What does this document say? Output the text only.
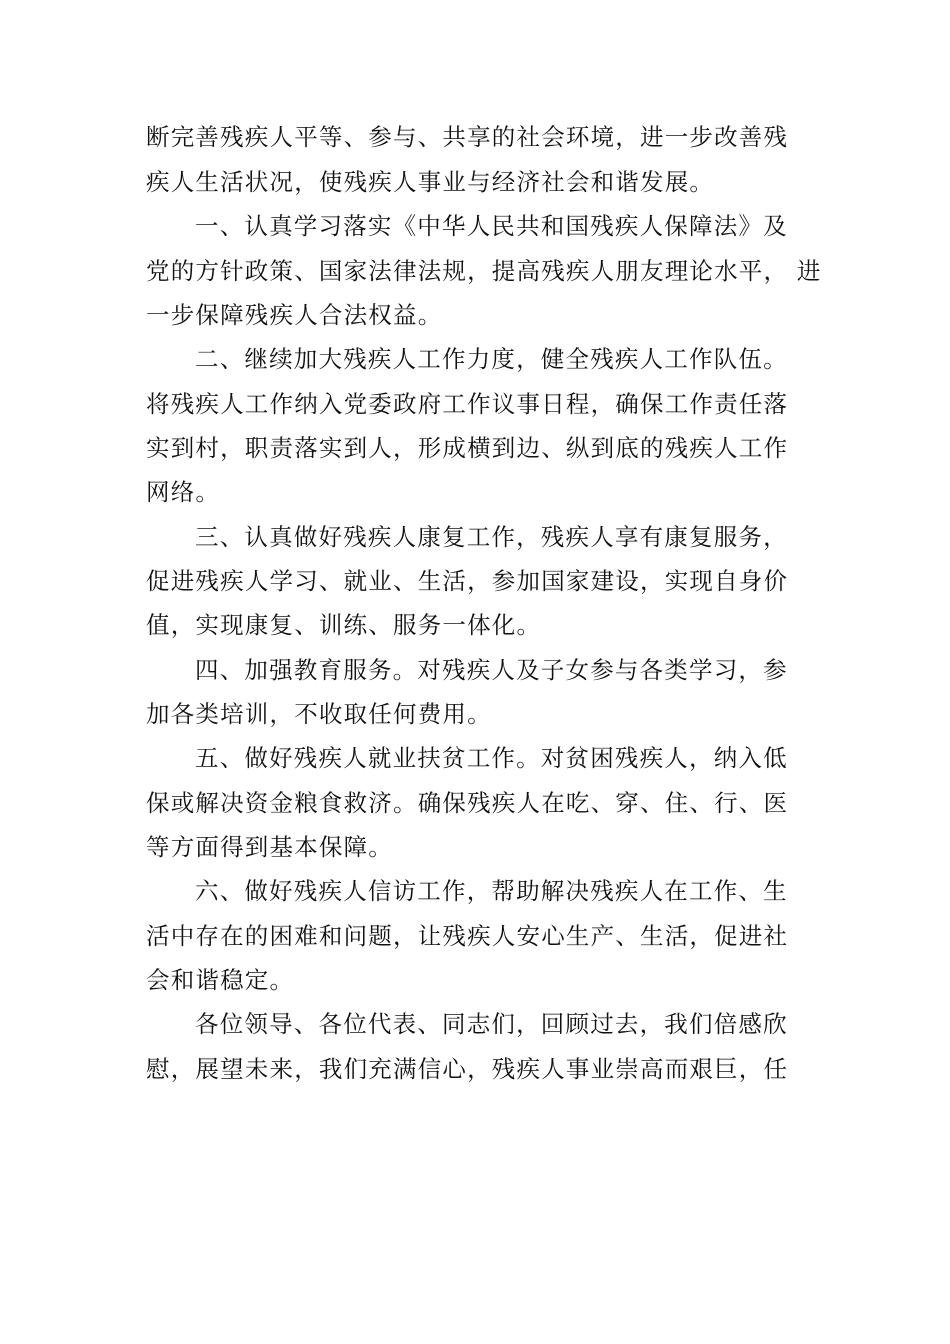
断完善残疾人平等、参与、共享的社会环境，进一步改善残
疾人生活状况，使残疾人事业与经济社会和谐发展。
一、认真学习落实《中华人民共和国残疾人保障法》及
党的方针政策、国家法律法规，提高残疾人朋友理论水平， 进
一步保障残疾人合法权益。
二、继续加大残疾人工作力度，健全残疾人工作队伍。
将残疾人工作纳入党委政府工作议事日程，确保工作责任落
实到村，职责落实到人，形成横到边、纵到底的残疾人工作
网络。
三、认真做好残疾人康复工作，残疾人享有康复服务，
促进残疾人学习、就业、生活，参加国家建设，实现自身价
值，实现康复、训练、服务一体化。
四、加强教育服务。对残疾人及子女参与各类学习，参
加各类培训，不收取任何费用。
五、做好残疾人就业扶贫工作。对贫困残疾人，纳入低
保或解决资金粮食救济。确保残疾人在吃、穿、住、行、医
等方面得到基本保障。
六、做好残疾人信访工作，帮助解决残疾人在工作、生
活中存在的困难和问题，让残疾人安心生产、生活，促进社
会和谐稳定。
各位领导、各位代表、同志们，回顾过去，我们倍感欣
慰，展望未来，我们充满信心，残疾人事业崇高而艰巨，任
